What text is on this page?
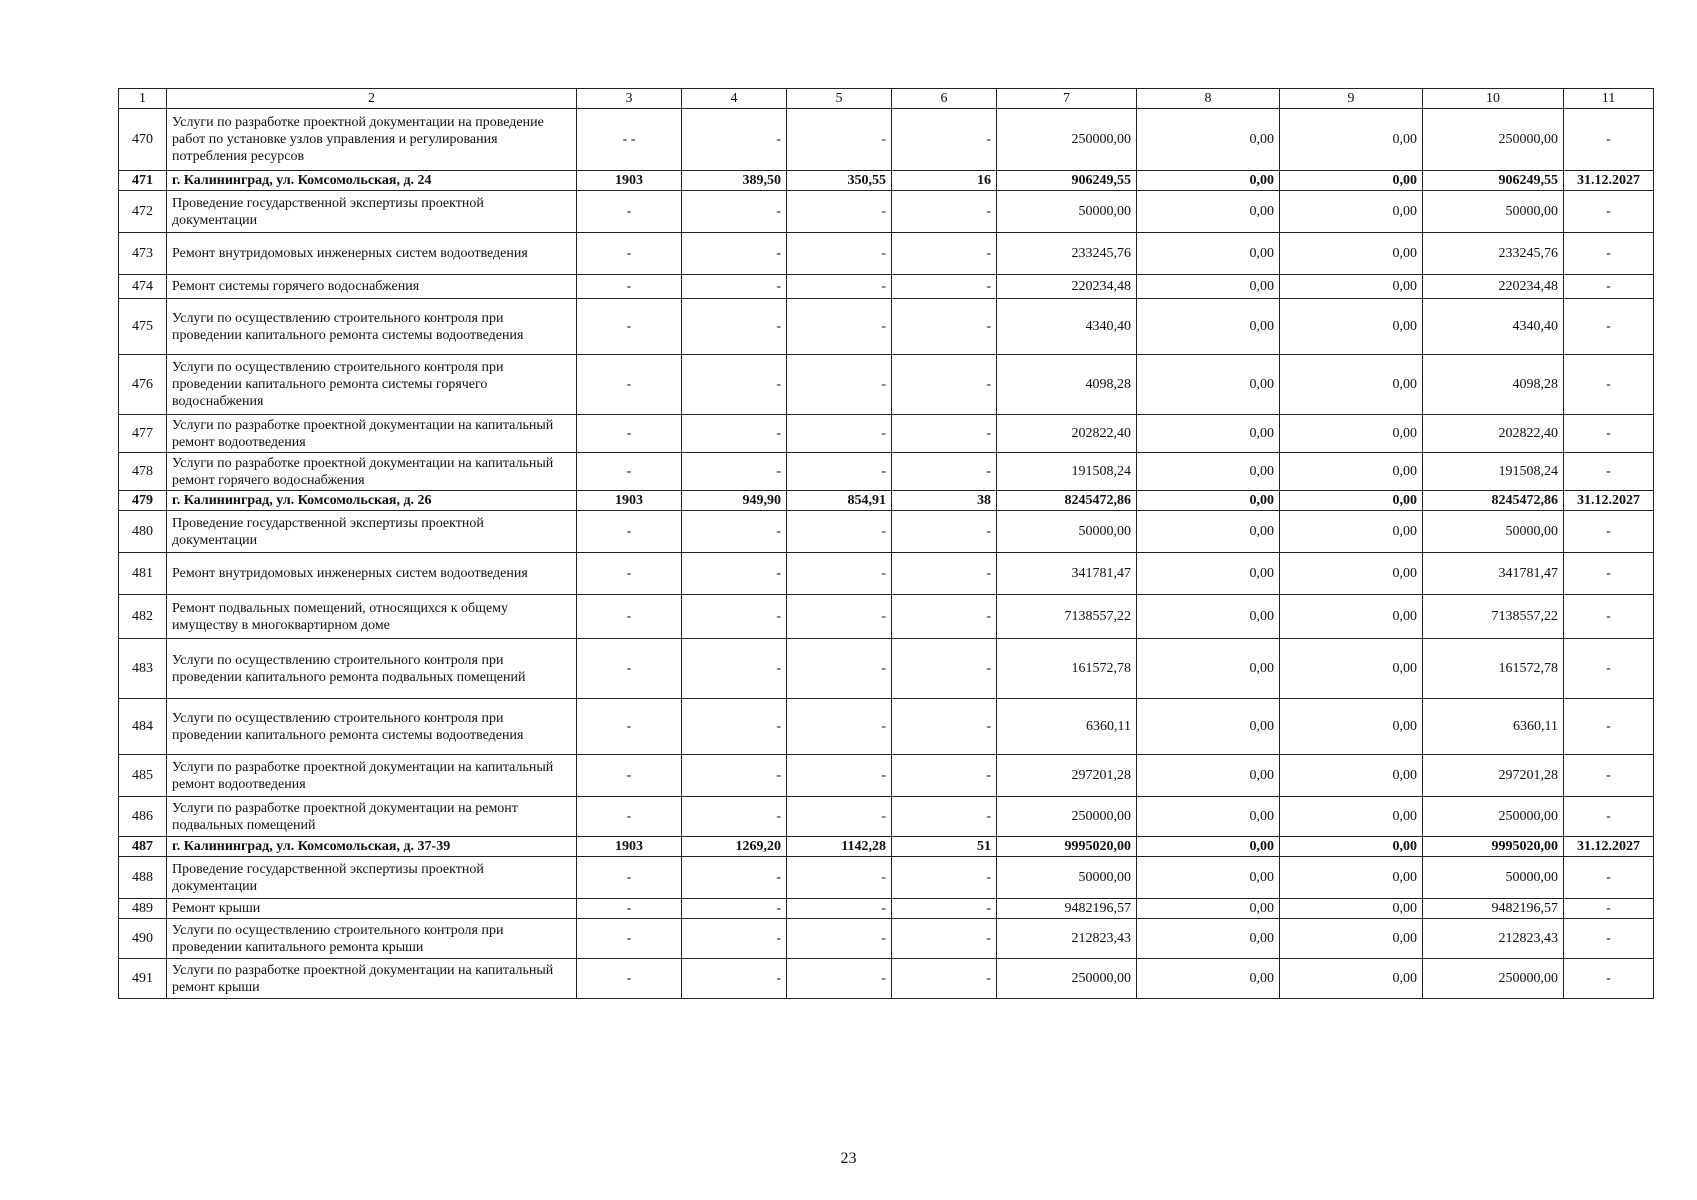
1	2	3	4	5	6	7	8	9	10	11
470	Услуги по разработке проектной документации на проведение работ по установке узлов управления и регулирования потребления ресурсов	- -	-	-	-	250000,00	0,00	0,00	250000,00	-
471	г. Калининград, ул. Комсомольская, д. 24	1903	389,50	350,55	16	906249,55	0,00	0,00	906249,55	31.12.2027
472	Проведение государственной экспертизы проектной документации	-	-	-	-	50000,00	0,00	0,00	50000,00	-
473	Ремонт внутридомовых инженерных систем водоотведения	-	-	-	-	233245,76	0,00	0,00	233245,76	-
474	Ремонт системы горячего водоснабжения	-	-	-	-	220234,48	0,00	0,00	220234,48	-
475	Услуги по осуществлению строительного контроля при проведении капитального ремонта системы водоотведения	-	-	-	-	4340,40	0,00	0,00	4340,40	-
476	Услуги по осуществлению строительного контроля при проведении капитального ремонта системы горячего водоснабжения	-	-	-	-	4098,28	0,00	0,00	4098,28	-
477	Услуги по разработке проектной документации на капитальный ремонт водоотведения	-	-	-	-	202822,40	0,00	0,00	202822,40	-
478	Услуги по разработке проектной документации на капитальный ремонт горячего водоснабжения	-	-	-	-	191508,24	0,00	0,00	191508,24	-
479	г. Калининград, ул. Комсомольская, д. 26	1903	949,90	854,91	38	8245472,86	0,00	0,00	8245472,86	31.12.2027
480	Проведение государственной экспертизы проектной документации	-	-	-	-	50000,00	0,00	0,00	50000,00	-
481	Ремонт внутридомовых инженерных систем водоотведения	-	-	-	-	341781,47	0,00	0,00	341781,47	-
482	Ремонт подвальных помещений, относящихся к общему имуществу в многоквартирном доме	-	-	-	-	7138557,22	0,00	0,00	7138557,22	-
483	Услуги по осуществлению строительного контроля при проведении капитального ремонта подвальных помещений	-	-	-	-	161572,78	0,00	0,00	161572,78	-
484	Услуги по осуществлению строительного контроля при проведении капитального ремонта системы водоотведения	-	-	-	-	6360,11	0,00	0,00	6360,11	-
485	Услуги по разработке проектной документации на капитальный ремонт водоотведения	-	-	-	-	297201,28	0,00	0,00	297201,28	-
486	Услуги по разработке проектной документации на ремонт подвальных помещений	-	-	-	-	250000,00	0,00	0,00	250000,00	-
487	г. Калининград, ул. Комсомольская, д. 37-39	1903	1269,20	1142,28	51	9995020,00	0,00	0,00	9995020,00	31.12.2027
488	Проведение государственной экспертизы проектной документации	-	-	-	-	50000,00	0,00	0,00	50000,00	-
489	Ремонт крыши	-	-	-	-	9482196,57	0,00	0,00	9482196,57	-
490	Услуги по осуществлению строительного контроля при проведении капитального ремонта крыши	-	-	-	-	212823,43	0,00	0,00	212823,43	-
491	Услуги по разработке проектной документации на капитальный ремонт крыши	-	-	-	-	250000,00	0,00	0,00	250000,00	-
23
